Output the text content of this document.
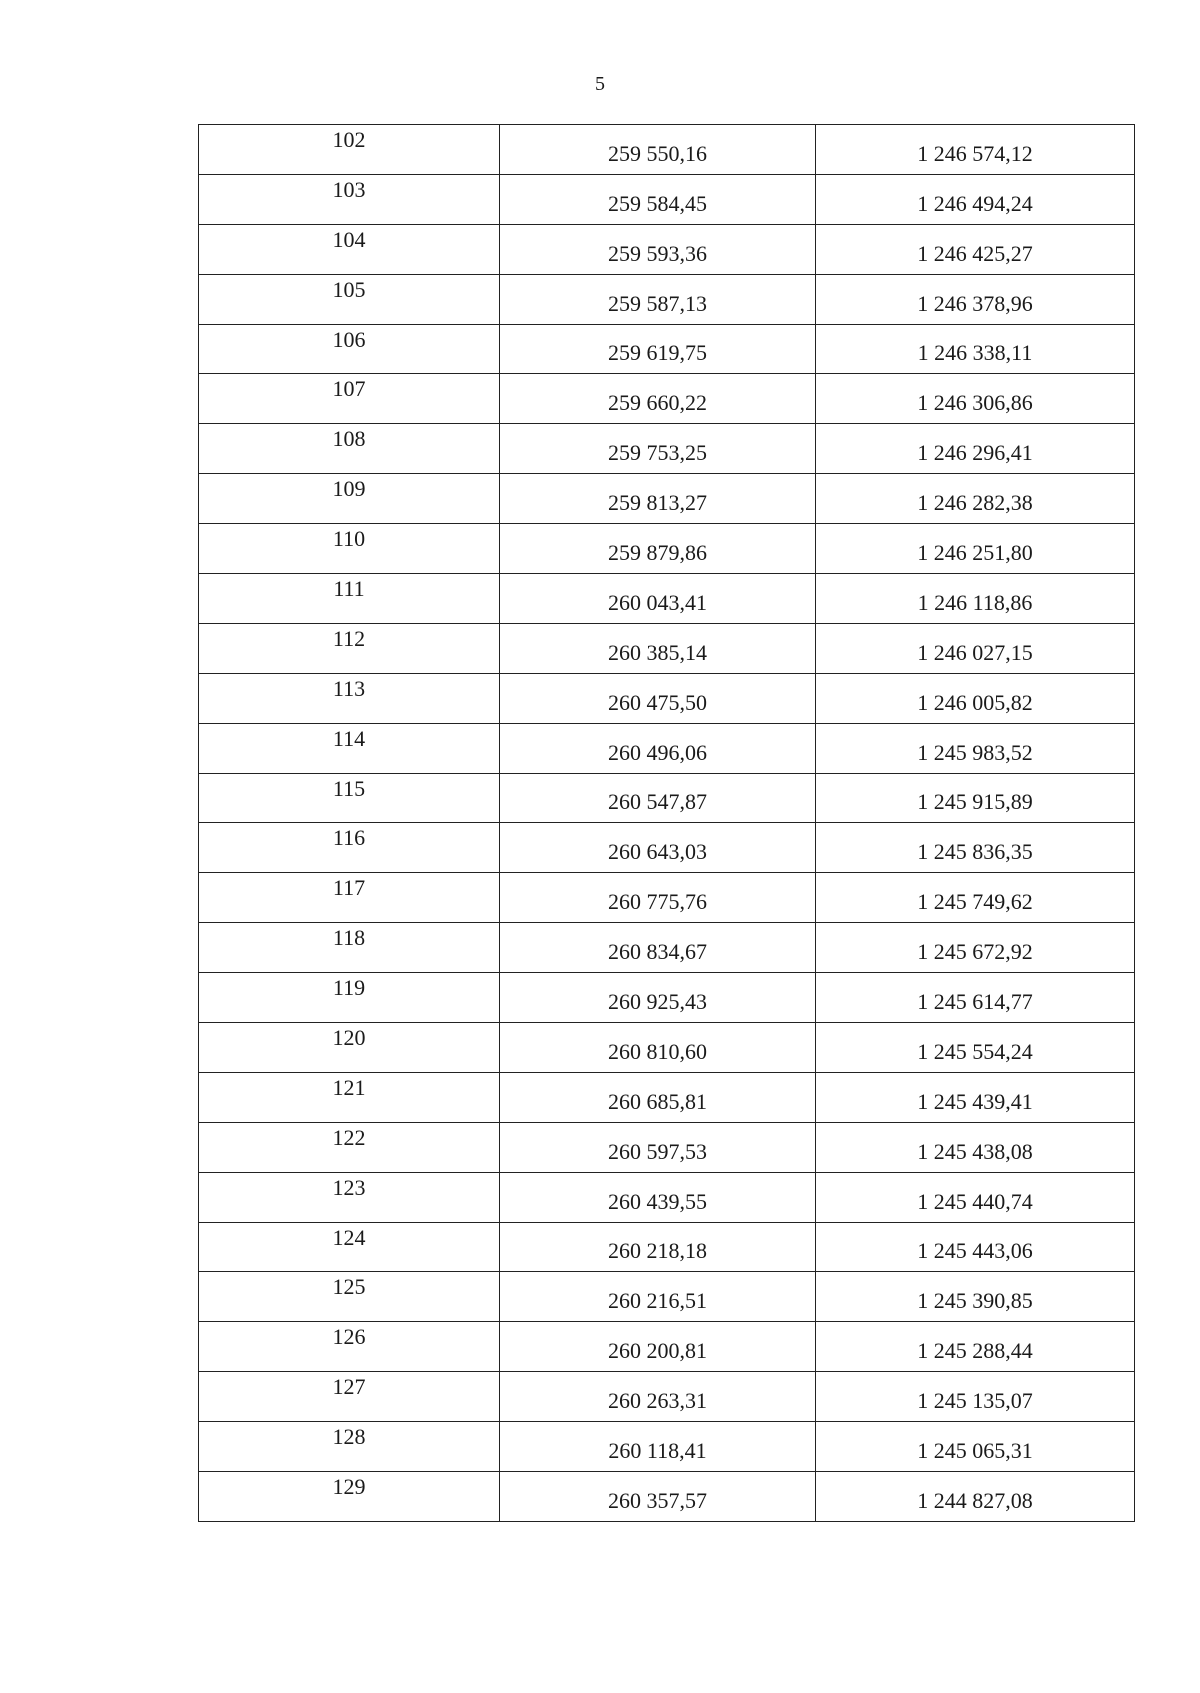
5
102	259 550,16	1 246 574,12
103	259 584,45	1 246 494,24
104	259 593,36	1 246 425,27
105	259 587,13	1 246 378,96
106	259 619,75	1 246 338,11
107	259 660,22	1 246 306,86
108	259 753,25	1 246 296,41
109	259 813,27	1 246 282,38
110	259 879,86	1 246 251,80
111	260 043,41	1 246 118,86
112	260 385,14	1 246 027,15
113	260 475,50	1 246 005,82
114	260 496,06	1 245 983,52
115	260 547,87	1 245 915,89
116	260 643,03	1 245 836,35
117	260 775,76	1 245 749,62
118	260 834,67	1 245 672,92
119	260 925,43	1 245 614,77
120	260 810,60	1 245 554,24
121	260 685,81	1 245 439,41
122	260 597,53	1 245 438,08
123	260 439,55	1 245 440,74
124	260 218,18	1 245 443,06
125	260 216,51	1 245 390,85
126	260 200,81	1 245 288,44
127	260 263,31	1 245 135,07
128	260 118,41	1 245 065,31
129	260 357,57	1 244 827,08
